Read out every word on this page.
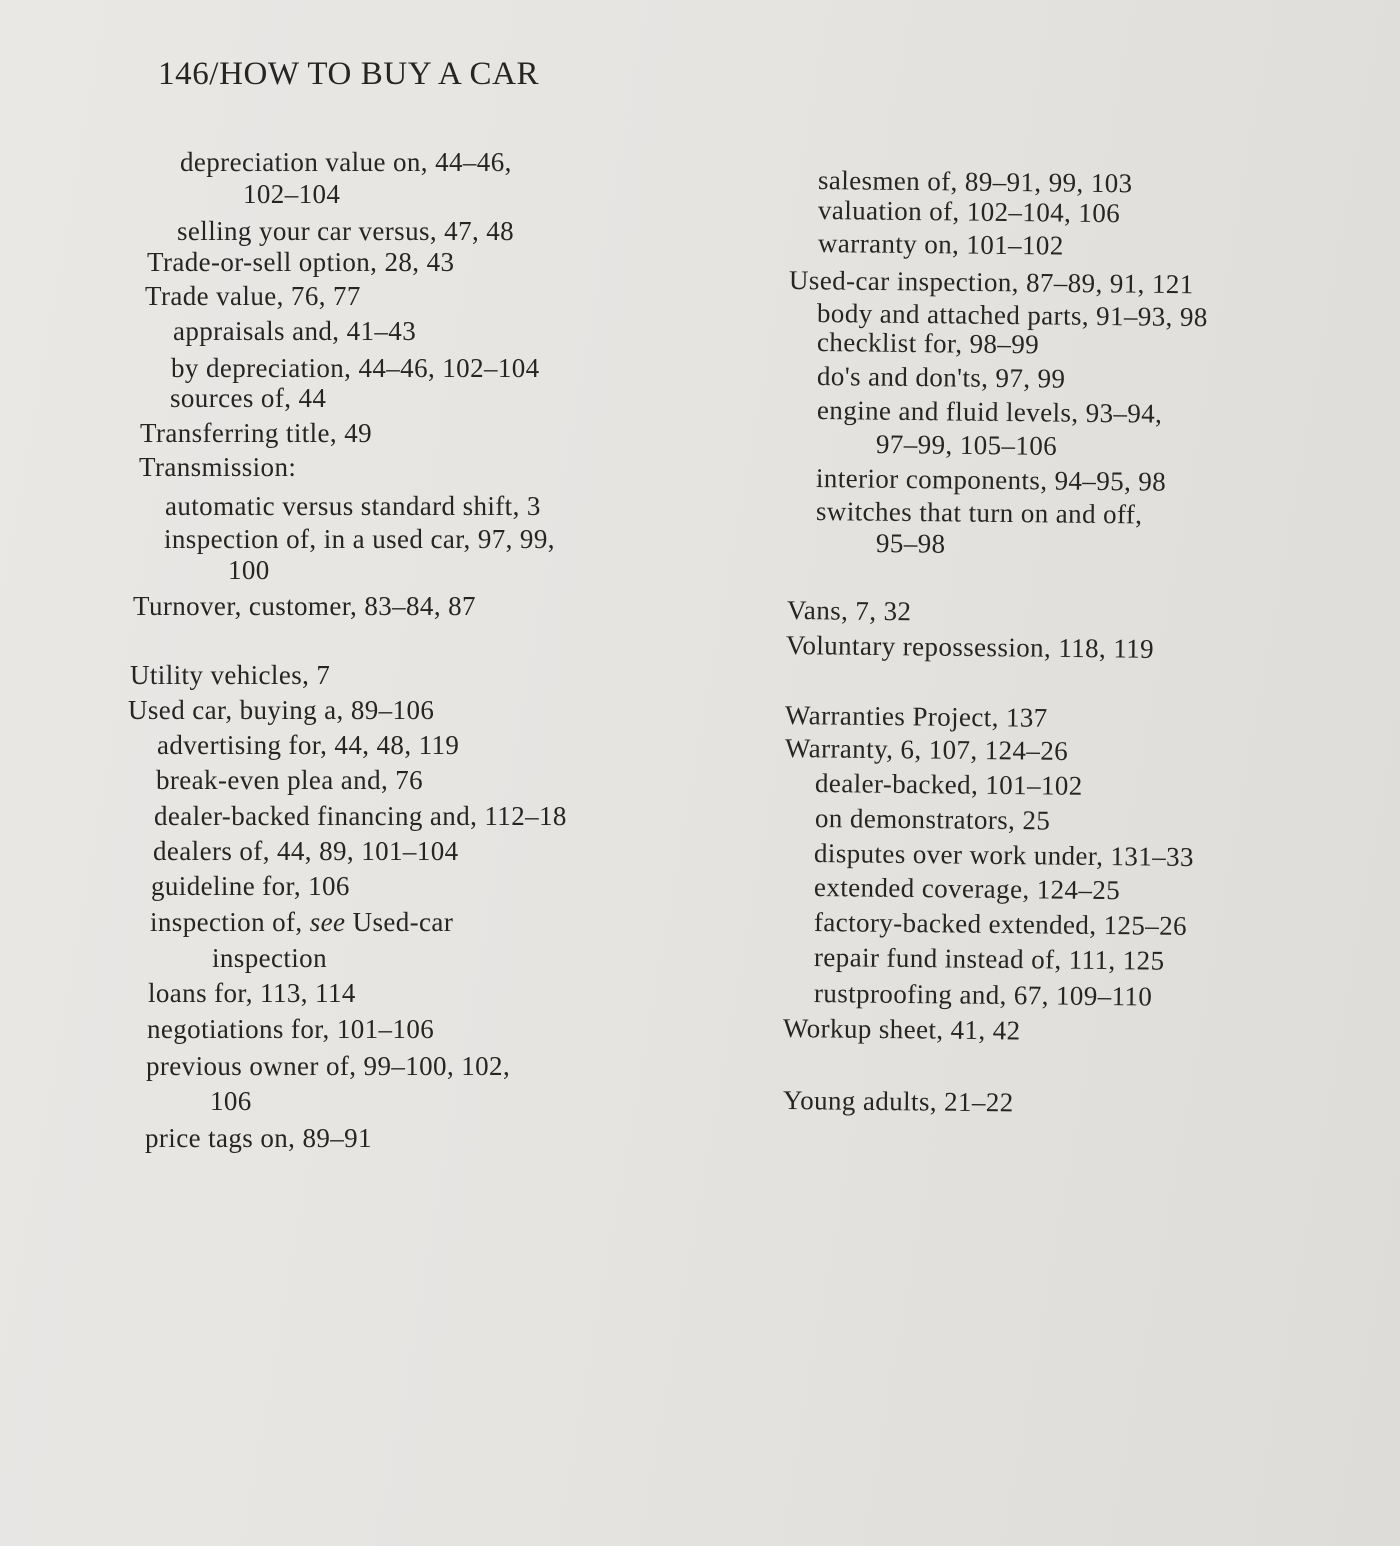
146/HOW TO BUY A CAR
depreciation value on, 44–46,
102–104
selling your car versus, 47, 48
Trade-or-sell option, 28, 43
Trade value, 76, 77
appraisals and, 41–43
by depreciation, 44–46, 102–104
sources of, 44
Transferring title, 49
Transmission:
automatic versus standard shift, 3
inspection of, in a used car, 97, 99,
100
Turnover, customer, 83–84, 87
Utility vehicles, 7
Used car, buying a, 89–106
advertising for, 44, 48, 119
break-even plea and, 76
dealer-backed financing and, 112–18
dealers of, 44, 89, 101–104
guideline for, 106
inspection of, see Used-car
inspection
loans for, 113, 114
negotiations for, 101–106
previous owner of, 99–100, 102,
106
price tags on, 89–91
salesmen of, 89–91, 99, 103
valuation of, 102–104, 106
warranty on, 101–102
Used-car inspection, 87–89, 91, 121
body and attached parts, 91–93, 98
checklist for, 98–99
do's and don'ts, 97, 99
engine and fluid levels, 93–94,
97–99, 105–106
interior components, 94–95, 98
switches that turn on and off,
95–98
Vans, 7, 32
Voluntary repossession, 118, 119
Warranties Project, 137
Warranty, 6, 107, 124–26
dealer-backed, 101–102
on demonstrators, 25
disputes over work under, 131–33
extended coverage, 124–25
factory-backed extended, 125–26
repair fund instead of, 111, 125
rustproofing and, 67, 109–110
Workup sheet, 41, 42
Young adults, 21–22
